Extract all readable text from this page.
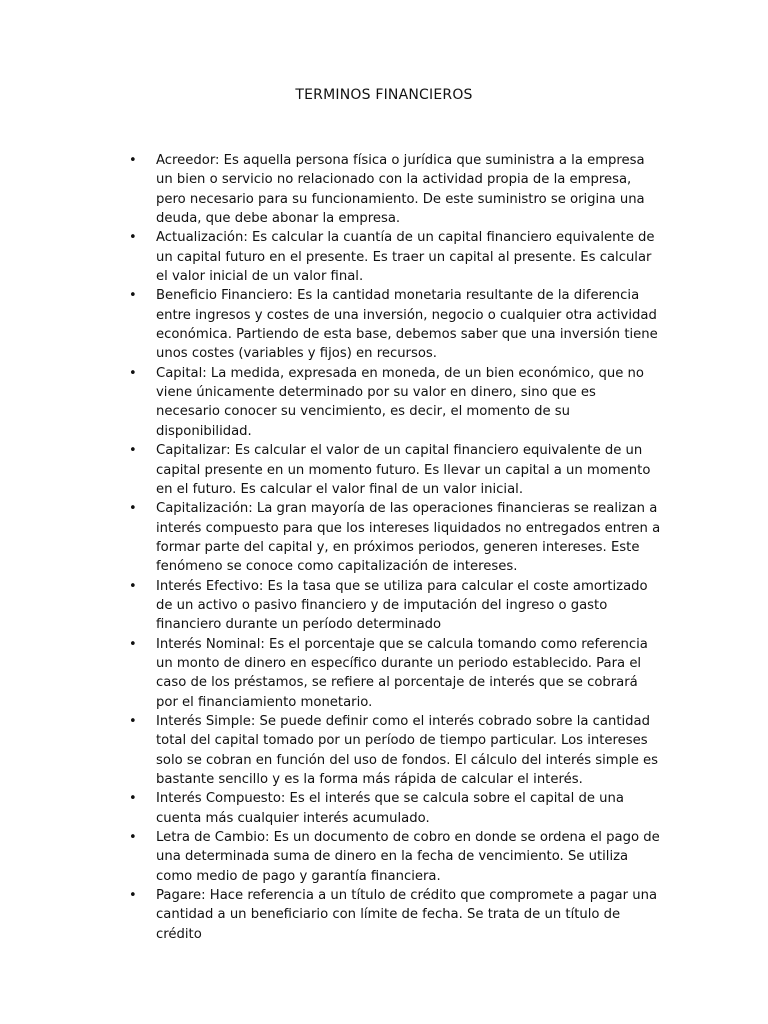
TERMINOS FINANCIEROS
•	Acreedor: Es aquella persona física o jurídica que suministra a la empresa un bien o servicio no relacionado con la actividad propia de la empresa, pero necesario para su funcionamiento. De este suministro se origina una deuda, que debe abonar la empresa.
•	Actualización: Es calcular la cuantía de un capital financiero equivalente de un capital futuro en el presente. Es traer un capital al presente. Es calcular el valor inicial de un valor final.
•	Beneficio Financiero: Es la cantidad monetaria resultante de la diferencia entre ingresos y costes de una inversión, negocio o cualquier otra actividad económica. Partiendo de esta base, debemos saber que una inversión tiene unos costes (variables y fijos) en recursos.
•	Capital: La medida, expresada en moneda, de un bien económico, que no viene únicamente determinado por su valor en dinero, sino que es necesario conocer su vencimiento, es decir, el momento de su disponibilidad.
•	Capitalizar: Es calcular el valor de un capital financiero equivalente de un capital presente en un momento futuro. Es llevar un capital a un momento en el futuro. Es calcular el valor final de un valor inicial.
•	Capitalización: La gran mayoría de las operaciones financieras se realizan a interés compuesto para que los intereses liquidados no entregados entren a formar parte del capital y, en próximos periodos, generen intereses. Este fenómeno se conoce como capitalización de intereses.
•	Interés Efectivo: Es la tasa que se utiliza para calcular el coste amortizado de un activo o pasivo financiero y de imputación del ingreso o gasto financiero durante un período determinado
•	Interés Nominal: Es el porcentaje que se calcula tomando como referencia un monto de dinero en específico durante un periodo establecido. Para el caso de los préstamos, se refiere al porcentaje de interés que se cobrará por el financiamiento monetario.
•	Interés Simple: Se puede definir como el interés cobrado sobre la cantidad total del capital tomado por un período de tiempo particular. Los intereses solo se cobran en función del uso de fondos. El cálculo del interés simple es bastante sencillo y es la forma más rápida de calcular el interés.
•	Interés Compuesto: Es el interés que se calcula sobre el capital de una cuenta más cualquier interés acumulado.
•	Letra de Cambio: Es un documento de cobro en donde se ordena el pago de una determinada suma de dinero en la fecha de vencimiento. Se utiliza como medio de pago y garantía financiera.
•	Pagare: Hace referencia a un título de crédito que compromete a pagar una cantidad a un beneficiario con límite de fecha. Se trata de un título de crédito
